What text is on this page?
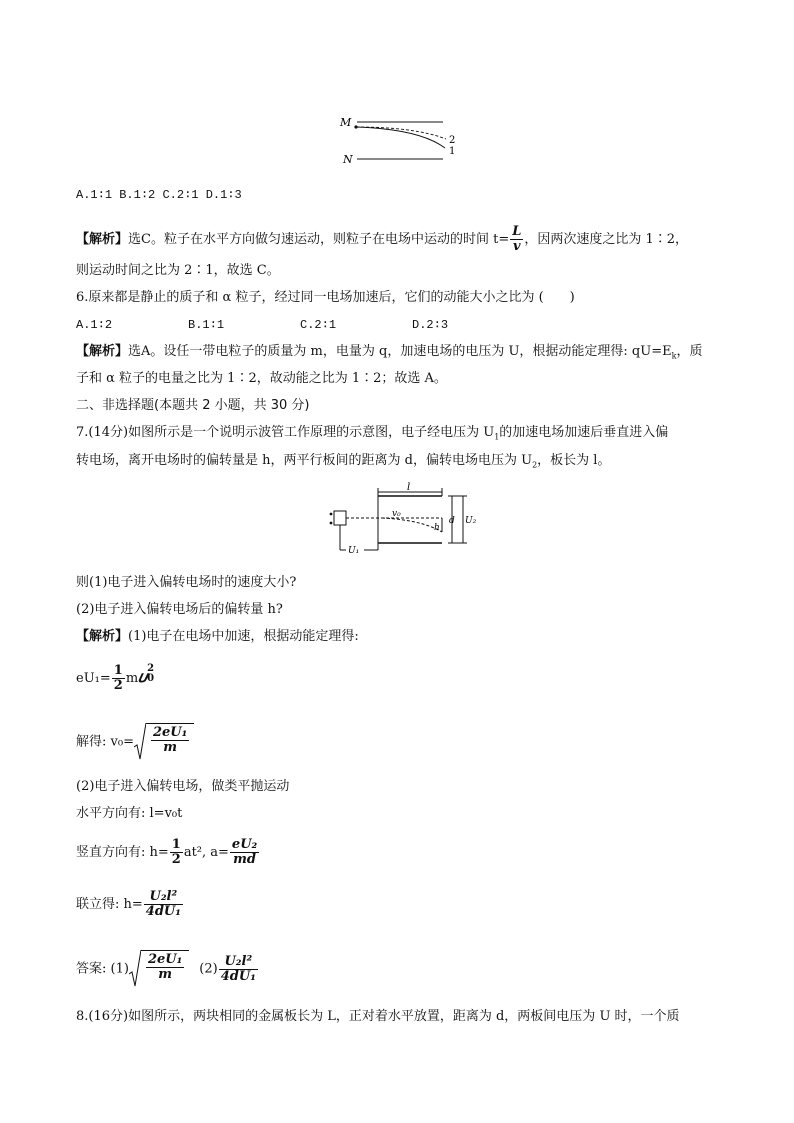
M
N
2
1
A.1∶1 B.1∶2 C.2∶1 D.1∶3
【解析】选C。粒子在水平方向做匀速运动，则粒子在电场中运动的时间 $t= \frac{L}{v}$ ，因两次速度之比为 1∶2，
则运动时间之比为 2∶1，故选 C。
6.原来都是静止的质子和 α 粒子，经过同一电场加速后，它们的动能大小之比为 (　　)
A.1∶2	B.1∶1	C.2∶1	D.2∶3
【解析】选A。设任一带电粒子的质量为 m，电量为 q，加速电场的电压为 U，根据动能定理得: $qU=E_k$，质
子和 α 粒子的电量之比为 1∶2，故动能之比为 1∶2；故选 A。
二、非选择题(本题共 2 小题，共 30 分)
7.(14分)如图所示是一个说明示波管工作原理的示意图，电子经电压为 $U_1$的加速电场加速后垂直进入偏
转电场，离开电场时的偏转量是 h，两平行板间的距离为 d，偏转电场电压为 $U_2$，板长为 l。
l
U₁
v₀
d U₂
h
则(1)电子进入偏转电场时的速度大小?
(2)电子进入偏转电场后的偏转量 h?
【解析】(1)电子在电场中加速，根据动能定理得:
$eU_1= \frac{1}{2}$ m𝜐 2
0
解得: $v_0= \frac{\text{2eU₁}}{m}$
(2)电子进入偏转电场，做类平抛运动
水平方向有: l=v₀t
竖直方向有: $h= \frac{1}{2} at^2$, $a= \frac{\text{eU₂}}{md}$
联立得: $h= \frac{\text{U₂l²}}{\text{4dU₁}}$
答案: $(1) \frac{\text{2eU₁}}{m} (2) \frac{\text{U₂l²}}{\text{4dU₁}}$
8.(16分)如图所示，两块相同的金属板长为 L，正对着水平放置，距离为 d，两板间电压为 U 时，一个质
